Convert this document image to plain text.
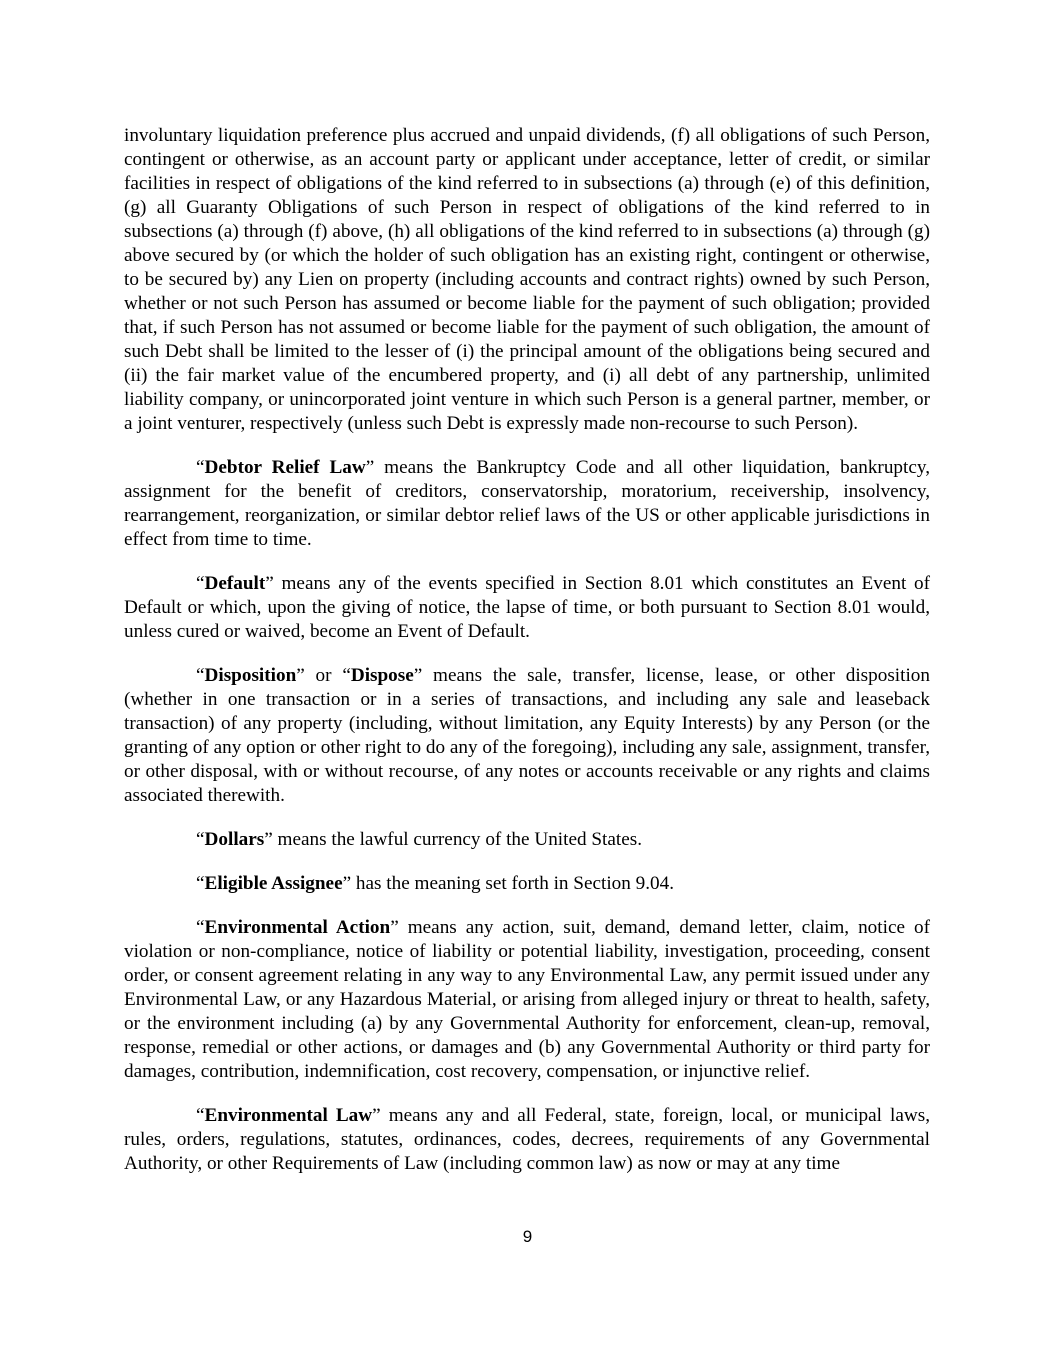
involuntary liquidation preference plus accrued and unpaid dividends, (f) all obligations of such Person, contingent or otherwise, as an account party or applicant under acceptance, letter of credit, or similar facilities in respect of obligations of the kind referred to in subsections (a) through (e) of this definition, (g) all Guaranty Obligations of such Person in respect of obligations of the kind referred to in subsections (a) through (f) above, (h) all obligations of the kind referred to in subsections (a) through (g) above secured by (or which the holder of such obligation has an existing right, contingent or otherwise, to be secured by) any Lien on property (including accounts and contract rights) owned by such Person, whether or not such Person has assumed or become liable for the payment of such obligation; provided that, if such Person has not assumed or become liable for the payment of such obligation, the amount of such Debt shall be limited to the lesser of (i) the principal amount of the obligations being secured and (ii) the fair market value of the encumbered property, and (i) all debt of any partnership, unlimited liability company, or unincorporated joint venture in which such Person is a general partner, member, or a joint venturer, respectively (unless such Debt is expressly made non-recourse to such Person).

“Debtor Relief Law” means the Bankruptcy Code and all other liquidation, bankruptcy, assignment for the benefit of creditors, conservatorship, moratorium, receivership, insolvency, rearrangement, reorganization, or similar debtor relief laws of the US or other applicable jurisdictions in effect from time to time.

“Default” means any of the events specified in Section 8.01 which constitutes an Event of Default or which, upon the giving of notice, the lapse of time, or both pursuant to Section 8.01 would, unless cured or waived, become an Event of Default.

“Disposition” or “Dispose” means the sale, transfer, license, lease, or other disposition (whether in one transaction or in a series of transactions, and including any sale and leaseback transaction) of any property (including, without limitation, any Equity Interests) by any Person (or the granting of any option or other right to do any of the foregoing), including any sale, assignment, transfer, or other disposal, with or without recourse, of any notes or accounts receivable or any rights and claims associated therewith.

“Dollars” means the lawful currency of the United States.

“Eligible Assignee” has the meaning set forth in Section 9.04.

“Environmental Action” means any action, suit, demand, demand letter, claim, notice of violation or non-compliance, notice of liability or potential liability, investigation, proceeding, consent order, or consent agreement relating in any way to any Environmental Law, any permit issued under any Environmental Law, or any Hazardous Material, or arising from alleged injury or threat to health, safety, or the environment including (a) by any Governmental Authority for enforcement, clean-up, removal, response, remedial or other actions, or damages and (b) any Governmental Authority or third party for damages, contribution, indemnification, cost recovery, compensation, or injunctive relief.

“Environmental Law” means any and all Federal, state, foreign, local, or municipal laws, rules, orders, regulations, statutes, ordinances, codes, decrees, requirements of any Governmental Authority, or other Requirements of Law (including common law) as now or may at any time

9
